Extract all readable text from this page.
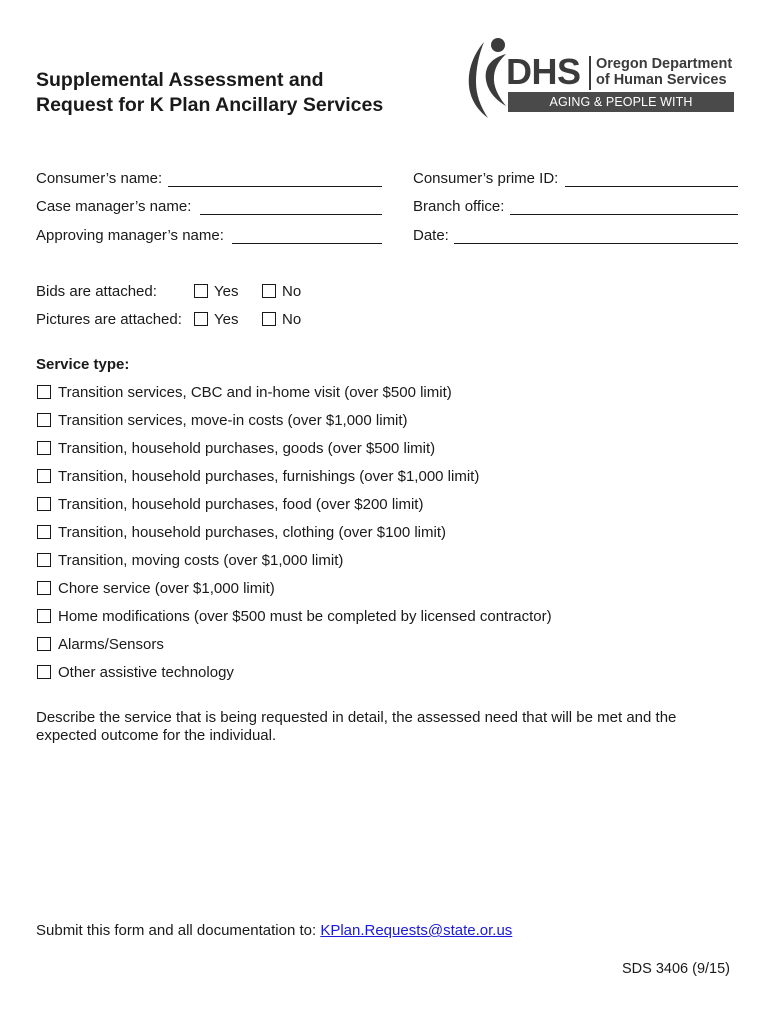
Supplemental Assessment and
Request for K Plan Ancillary Services
DHS Oregon Department
of Human Services
AGING & PEOPLE WITH DISABILITIES
Consumer’s name:	Consumer’s prime ID:
Case manager’s name:	Branch office:
Approving manager’s name:	Date:
Bids are attached:	Yes	No
Pictures are attached: Yes	No
Service type:
Transition services, CBC and in-home visit (over $500 limit)
Transition services, move-in costs (over $1,000 limit)
Transition, household purchases, goods (over $500 limit)
Transition, household purchases, furnishings (over $1,000 limit)
Transition, household purchases, food (over $200 limit)
Transition, household purchases, clothing (over $100 limit)
Transition, moving costs (over $1,000 limit)
Chore service (over $1,000 limit)
Home modifications (over $500 must be completed by licensed contractor)
Alarms/Sensors
Other assistive technology
Describe the service that is being requested in detail, the assessed need that will be met and the
expected outcome for the individual.
Submit this form and all documentation to: KPlan.Requests@state.or.us
SDS 3406 (9/15)
